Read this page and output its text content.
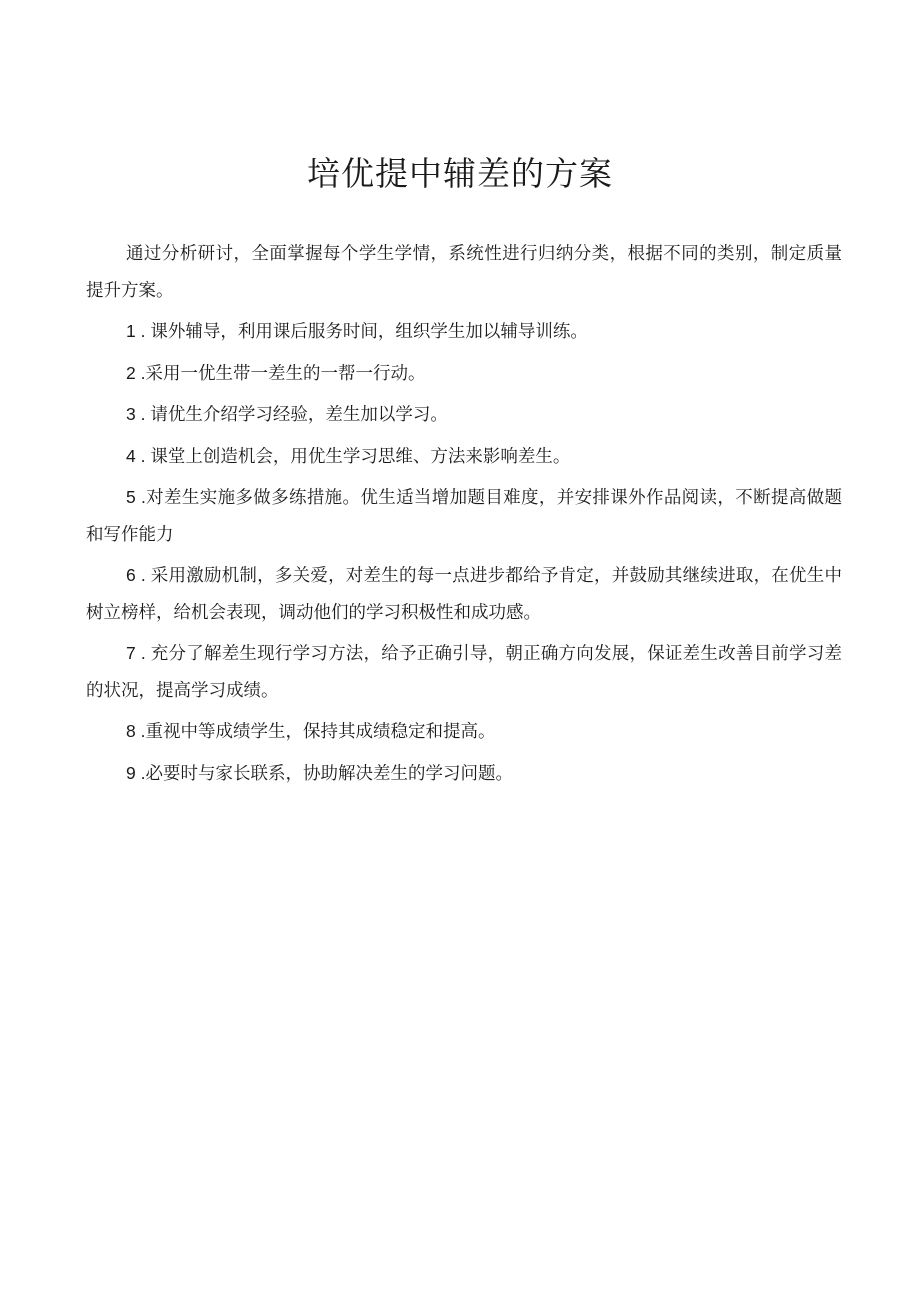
培优提中辅差的方案

通过分析研讨，全面掌握每个学生学情，系统性进行归纳分类，根据不同的类别，制定质量提升方案。

1 . 课外辅导，利用课后服务时间，组织学生加以辅导训练。

2 .采用一优生带一差生的一帮一行动。

3 . 请优生介绍学习经验，差生加以学习。

4 . 课堂上创造机会，用优生学习思维、方法来影响差生。

5 .对差生实施多做多练措施。优生适当增加题目难度，并安排课外作品阅读，不断提高做题和写作能力

6 . 采用激励机制，多关爱，对差生的每一点进步都给予肯定，并鼓励其继续进取，在优生中树立榜样，给机会表现，调动他们的学习积极性和成功感。

7 . 充分了解差生现行学习方法，给予正确引导，朝正确方向发展，保证差生改善目前学习差的状况，提高学习成绩。

8 .重视中等成绩学生，保持其成绩稳定和提高。

9 .必要时与家长联系，协助解决差生的学习问题。
